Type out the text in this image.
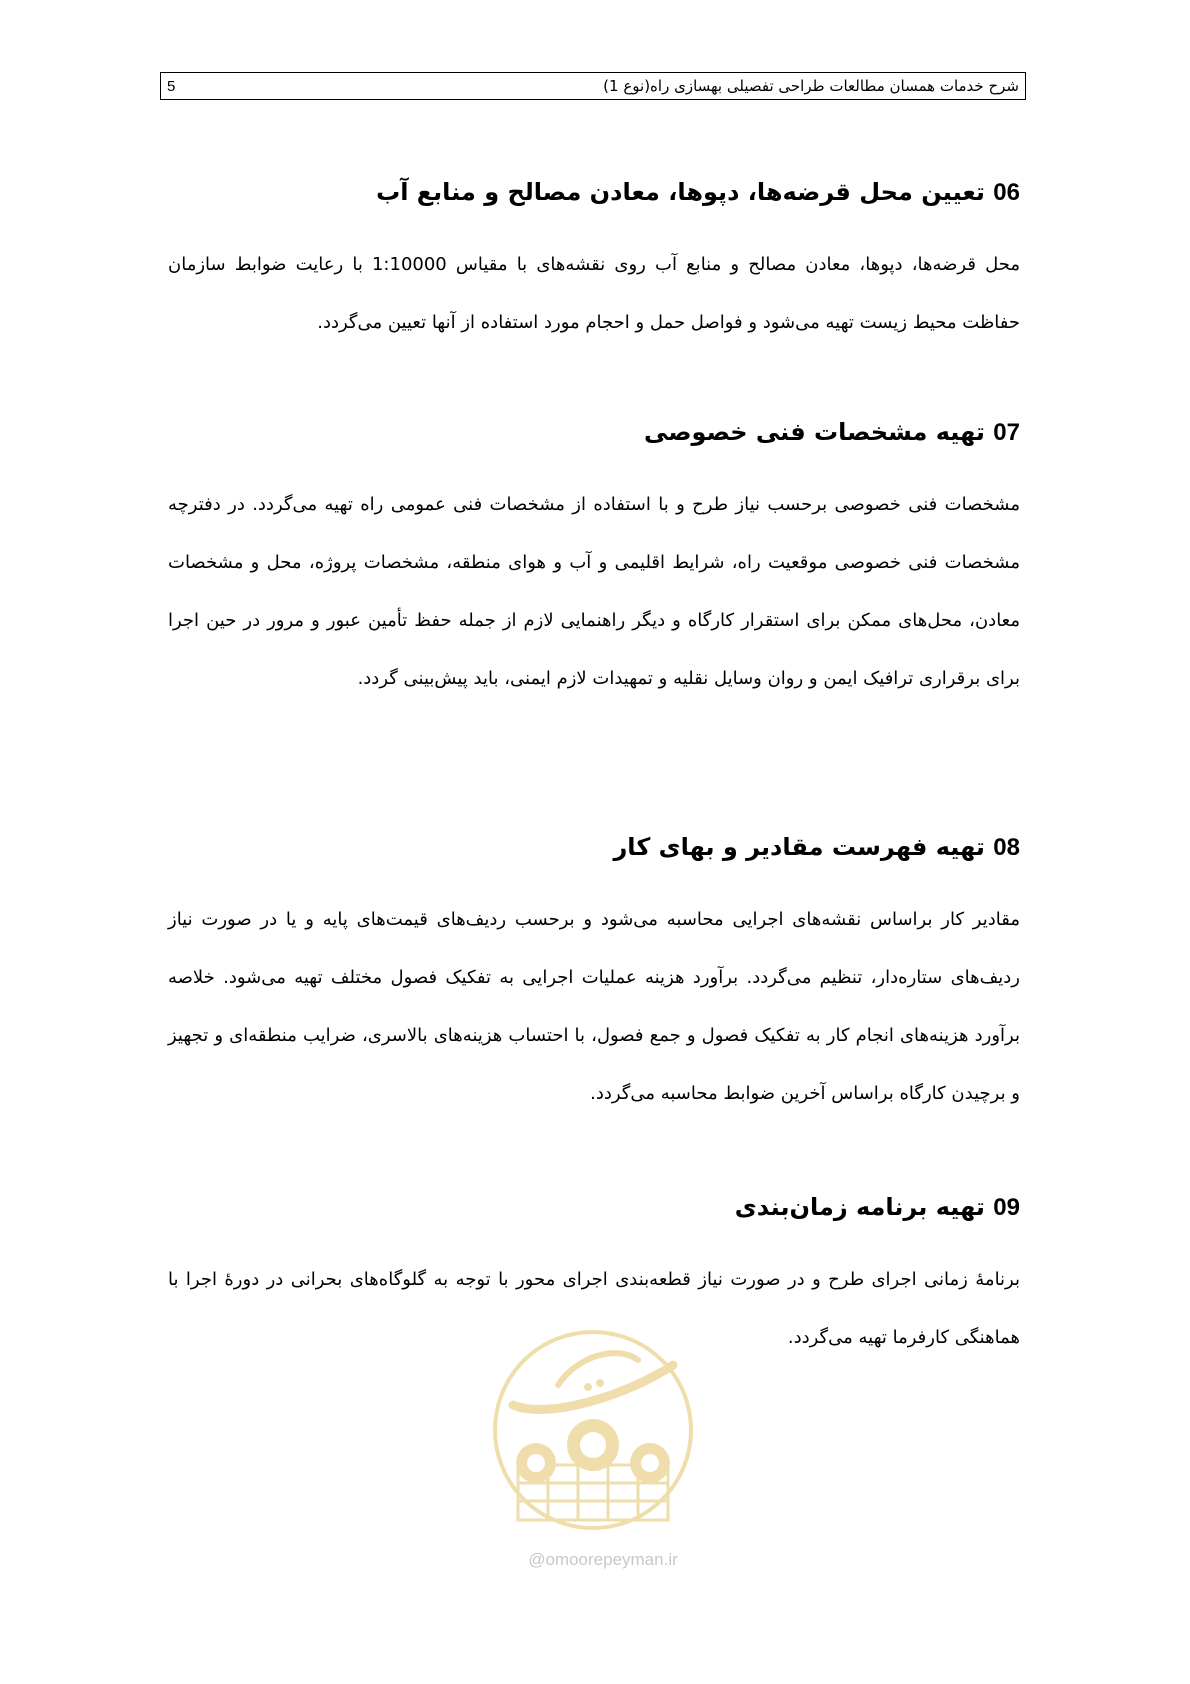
5	شرح خدمات همسان مطالعات طراحی تفصیلی بهسازی راه(نوع 1)
06 تعیین محل قرضه‌ها، دپوها، معادن مصالح و منابع آب

محل قرضه‌ها، دپوها، معادن مصالح و منابع آب روی نقشه‌های با مقیاس 1:10000 با رعایت ضوابط سازمان حفاظت محیط زیست تهیه می‌شود و فواصل حمل و احجام مورد استفاده از آنها تعیین می‌گردد.

07 تهیه مشخصات فنی خصوصی

مشخصات فنی خصوصی برحسب نیاز طرح و با استفاده از مشخصات فنی عمومی راه تهیه می‌گردد. در دفترچه مشخصات فنی خصوصی موقعیت راه، شرایط اقلیمی و آب و هوای منطقه، مشخصات پروژه، محل و مشخصات معادن، محل‌های ممکن برای استقرار کارگاه و دیگر راهنمایی لازم از جمله حفظ تأمین عبور و مرور در حین اجرا برای برقراری ترافیک ایمن و روان وسایل نقلیه و تمهیدات لازم ایمنی، باید پیش‌بینی گردد.

08 تهیه فهرست مقادیر و بهای کار

مقادیر کار براساس نقشه‌های اجرایی محاسبه می‌شود و برحسب ردیف‌های قیمت‌های پایه و یا در صورت نیاز ردیف‌های ستاره‌دار، تنظیم می‌گردد. برآورد هزینه عملیات اجرایی به تفکیک فصول مختلف تهیه می‌شود. خلاصه برآورد هزینه‌های انجام کار به تفکیک فصول و جمع فصول، با احتساب هزینه‌های بالاسری، ضرایب منطقه‌ای و تجهیز و برچیدن کارگاه براساس آخرین ضوابط محاسبه می‌گردد.

09 تهیه برنامه زمان‌بندی

برنامۀ زمانی اجرای طرح و در صورت نیاز قطعه‌بندی اجرای محور با توجه به گلوگاه‌های بحرانی در دورۀ اجرا با هماهنگی کارفرما تهیه می‌گردد.

@omoorepeyman.ir
